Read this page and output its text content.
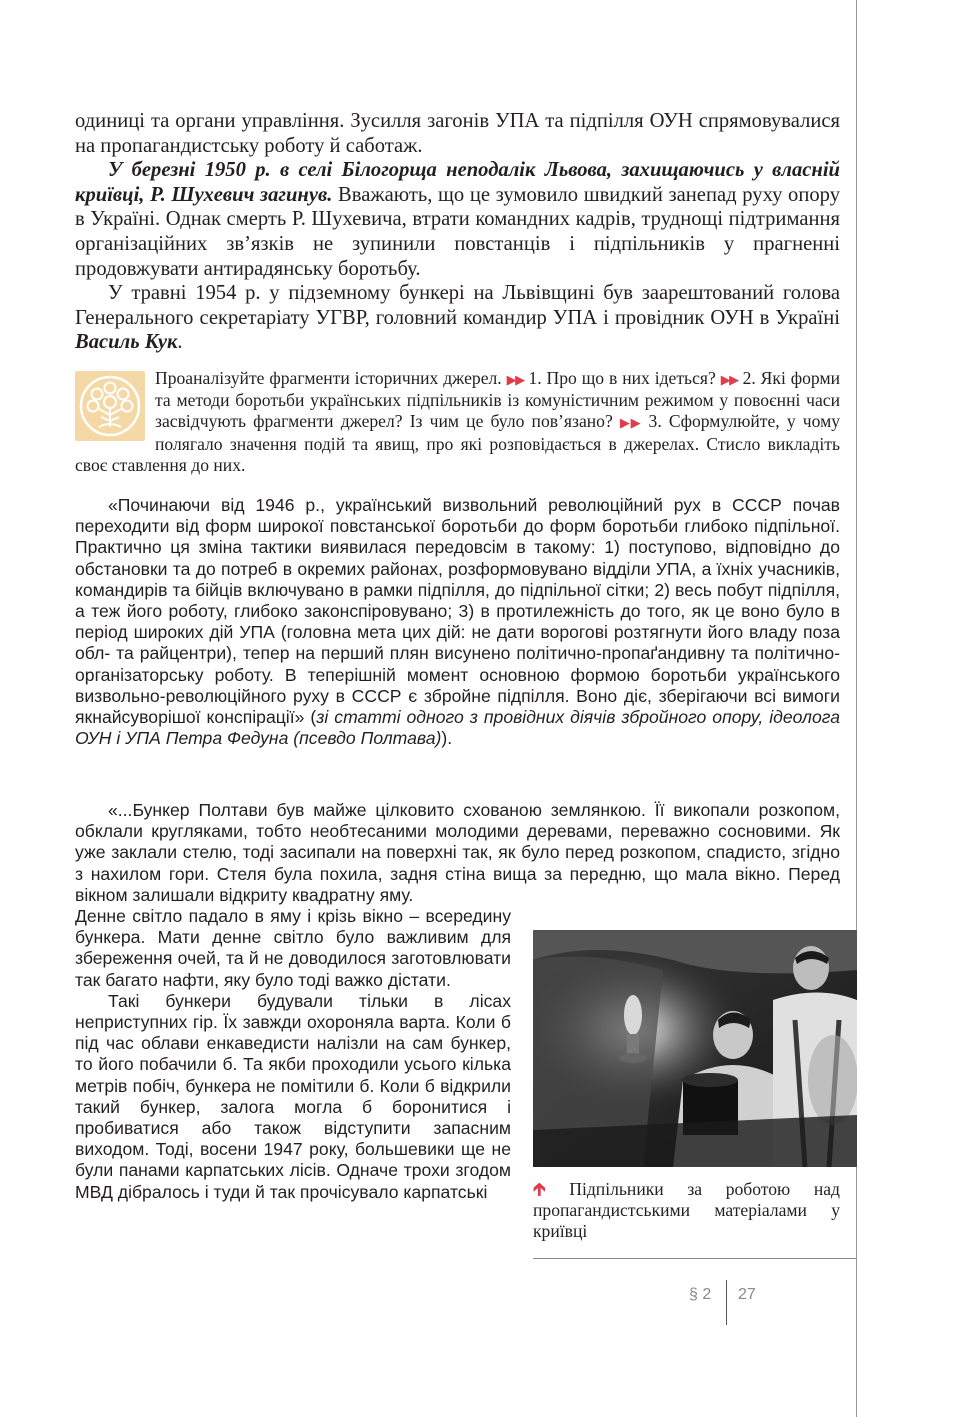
одиниці та органи управління. Зусилля загонів УПА та підпілля ОУН спрямовувалися на пропагандистську роботу й саботаж.

У березні 1950 р. в селі Білогорща неподалік Львова, захищаючись у власній криївці, Р. Шухевич загинув. Вважають, що це зумовило швидкий занепад руху опору в Україні. Однак смерть Р. Шухевича, втрати командних кадрів, труднощі підтримання організаційних зв’язків не зупинили повстанців і підпільників у прагненні продовжувати антирадянську боротьбу.

У травні 1954 р. у підземному бункері на Львівщині був заарештований голова Генерального секретаріату УГВР, головний командир УПА і провідник ОУН в Україні Василь Кук.

Проаналізуйте фрагменти історичних джерел. ▶▶ 1. Про що в них ідеться? ▶▶ 2. Які форми та методи боротьби українських підпільників із комуністичним режимом у повоєнні часи засвідчують фрагменти джерел? Із чим це було пов’язано? ▶▶ 3. Сформулюйте, у чому полягало значення подій та явищ, про які розповідається в джерелах. Стисло викладіть своє ставлення до них.

«Починаючи від 1946 р., український визвольний революційний рух в СССР почав переходити від форм широкої повстанської боротьби до форм боротьби глибоко підпільної. Практично ця зміна тактики виявилася передовсім в такому: 1) поступово, відповідно до обстановки та до потреб в окремих районах, розформовувано відділи УПА, а їхніх учасників, командирів та бійців включувано в рамки підпілля, до підпільної сітки; 2) весь побут підпілля, а теж його роботу, глибоко законспіровувано; 3) в протилежність до того, як це воно було в період широких дій УПА (головна мета цих дій: не дати ворогові розтягнути його владу поза обл- та райцентри), тепер на перший плян висунено політично-пропаґандивну та політично-організаторську роботу. В теперішній момент основною формою боротьби українського визвольно-революційного руху в СССР є збройне підпілля. Воно діє, зберігаючи всі вимоги якнайсуворішої конспірації» (зі статті одного з провідних діячів збройного опору, ідеолога ОУН і УПА Петра Федуна (псевдо Полтава)).

«...Бункер Полтави був майже цілковито схованою землянкою. Її викопали розкопом, обклали кругляками, тобто необтесаними молодими деревами, переважно сосновими. Як уже заклали стелю, тоді засипали на поверхні так, як було перед розкопом, спадисто, згідно з нахилом гори. Стеля була похила, задня стіна вища за передню, що мала вікно. Перед вікном залишали відкриту квадратну яму.

Денне світло падало в яму і крізь вікно – всередину бункера. Мати денне світло було важливим для збереження очей, та й не доводилося заготовлювати так багато нафти, яку було тоді важко дістати.

Такі бункери будували тільки в лісах неприступних гір. Їх завжди охороняла варта. Коли б під час облави енкаведисти налізли на сам бункер, то його побачили б. Та якби проходили усього кілька метрів побіч, бункера не помітили б. Коли б відкрили такий бункер, залога могла б боронитися і пробиватися або також відступити запасним виходом. Тоді, восени 1947 року, большевики ще не були панами карпатських лісів. Одначе трохи згодом МВД дібралось і туди й так прочісувало карпатські	🡱 Підпільники за роботою над пропагандистськими матеріалами у криївці
§ 2 27
